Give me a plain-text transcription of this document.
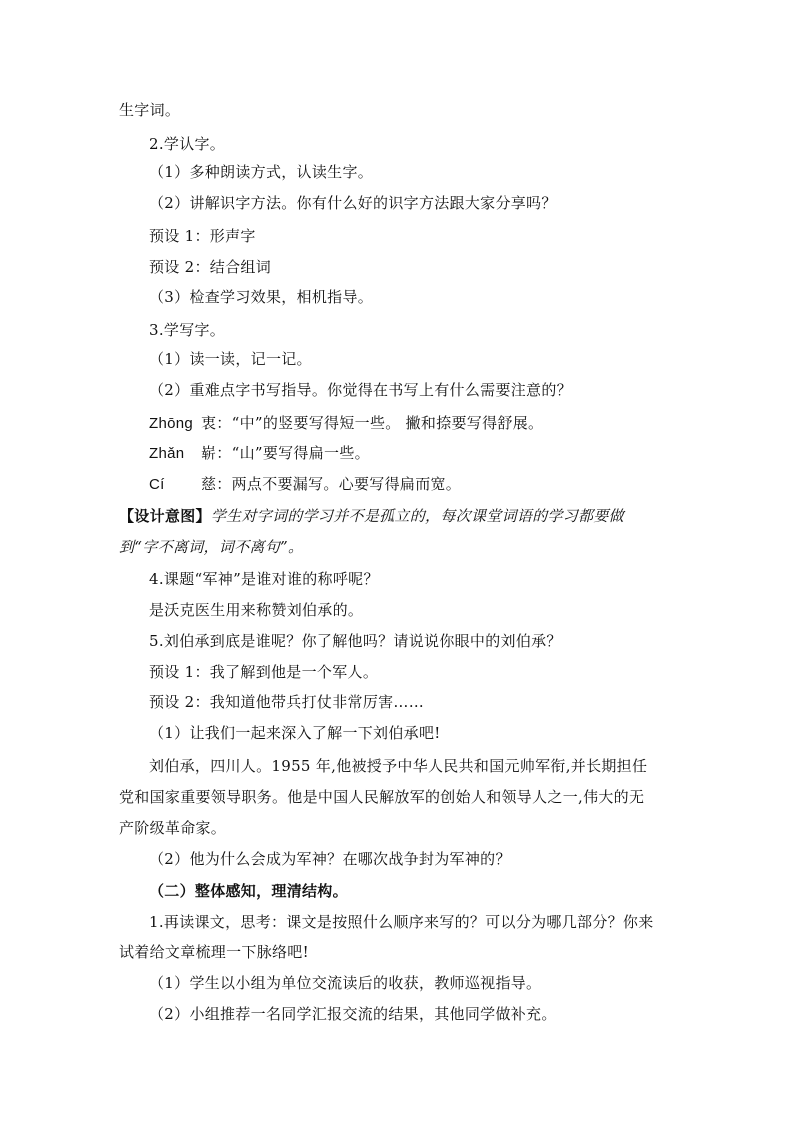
生字词。
2.学认字。
（1）多种朗读方式，认读生字。
（2）讲解识字方法。你有什么好的识字方法跟大家分享吗？
预设 1：形声字
预设 2：结合组词
（3）检查学习效果，相机指导。
3.学写字。
（1）读一读，记一记。
（2）重难点字书写指导。你觉得在书写上有什么需要注意的？
Zhōng 衷：“中”的竖要写得短一些。 撇和捺要写得舒展。
Zhǎn 崭：“山”要写得扁一些。
Cí 慈：两点不要漏写。心要写得扁而宽。
【设计意图】学生对字词的学习并不是孤立的，每次课堂词语的学习都要做
到“字不离词，词不离句”。
4.课题“军神”是谁对谁的称呼呢？
是沃克医生用来称赞刘伯承的。
5.刘伯承到底是谁呢？你了解他吗？请说说你眼中的刘伯承？
预设 1：我了解到他是一个军人。
预设 2：我知道他带兵打仗非常厉害……
（1）让我们一起来深入了解一下刘伯承吧!
刘伯承，四川人。1955 年,他被授予中华人民共和国元帅军衔,并长期担任
党和国家重要领导职务。他是中国人民解放军的创始人和领导人之一,伟大的无
产阶级革命家。
（2）他为什么会成为军神？在哪次战争封为军神的？
（二）整体感知，理清结构。
1.再读课文，思考：课文是按照什么顺序来写的？可以分为哪几部分？你来
试着给文章梳理一下脉络吧!
（1）学生以小组为单位交流读后的收获，教师巡视指导。
（2）小组推荐一名同学汇报交流的结果，其他同学做补充。
